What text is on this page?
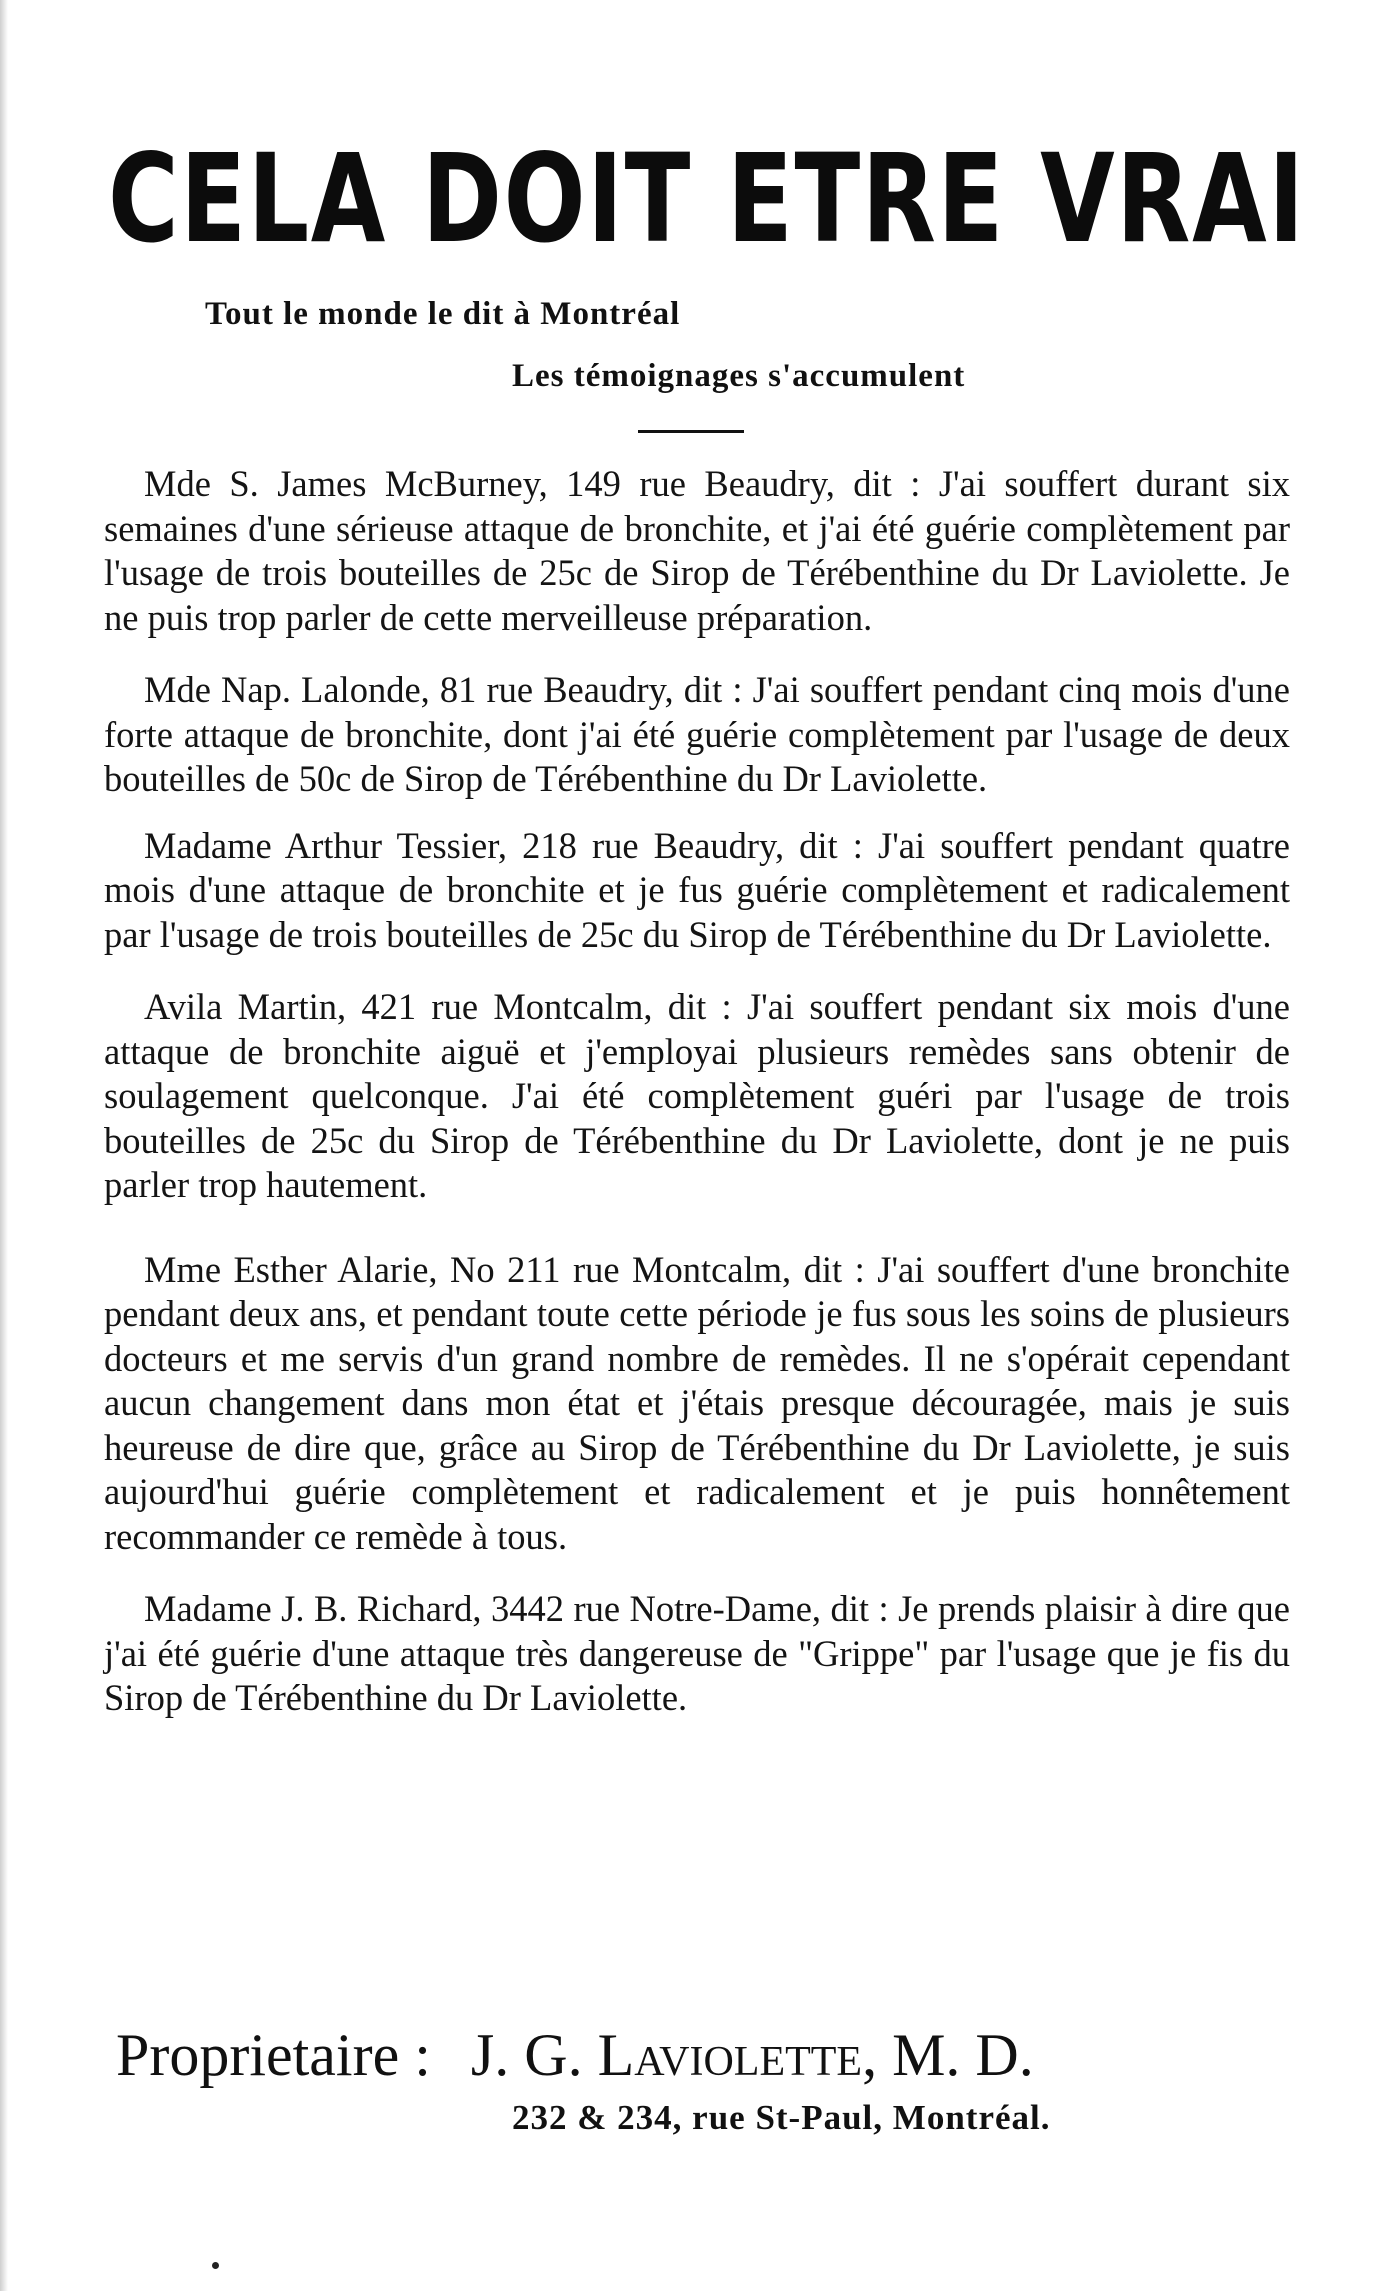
CELA DOIT ETRE VRAI

Tout le monde le dit à Montréal

Les témoignages s'accumulent

Mde S. James McBurney, 149 rue Beaudry, dit : J'ai souffert durant six semaines d'une sérieuse attaque de bronchite, et j'ai été guérie complètement par l'usage de trois bouteilles de 25c de Sirop de Térébenthine du Dr Laviolette. Je ne puis trop parler de cette merveilleuse préparation.

Mde Nap. Lalonde, 81 rue Beaudry, dit : J'ai souffert pendant cinq mois d'une forte attaque de bronchite, dont j'ai été guérie complètement par l'usage de deux bouteilles de 50c de Sirop de Térébenthine du Dr Laviolette.

Madame Arthur Tessier, 218 rue Beaudry, dit : J'ai souffert pendant quatre mois d'une attaque de bronchite et je fus guérie complètement et radicalement par l'usage de trois bouteilles de 25c du Sirop de Térébenthine du Dr Laviolette.

Avila Martin, 421 rue Montcalm, dit : J'ai souffert pendant six mois d'une attaque de bronchite aiguë et j'employai plusieurs remèdes sans obtenir de soulagement quelconque. J'ai été complètement guéri par l'usage de trois bouteilles de 25c du Sirop de Térébenthine du Dr Laviolette, dont je ne puis parler trop hautement.

Mme Esther Alarie, No 211 rue Montcalm, dit : J'ai souffert d'une bronchite pendant deux ans, et pendant toute cette période je fus sous les soins de plusieurs docteurs et me servis d'un grand nombre de remèdes. Il ne s'opérait cependant aucun changement dans mon état et j'étais presque découragée, mais je suis heureuse de dire que, grâce au Sirop de Térébenthine du Dr Laviolette, je suis aujourd'hui guérie complètement et radicalement et je puis honnêtement recommander ce remède à tous.

Madame J. B. Richard, 3442 rue Notre-Dame, dit : Je prends plaisir à dire que j'ai été guérie d'une attaque très dangereuse de "Grippe" par l'usage que je fis du Sirop de Térébenthine du Dr Laviolette.

Proprietaire : J. G. Laviolette, M. D.

232 & 234, rue St-Paul, Montréal.
